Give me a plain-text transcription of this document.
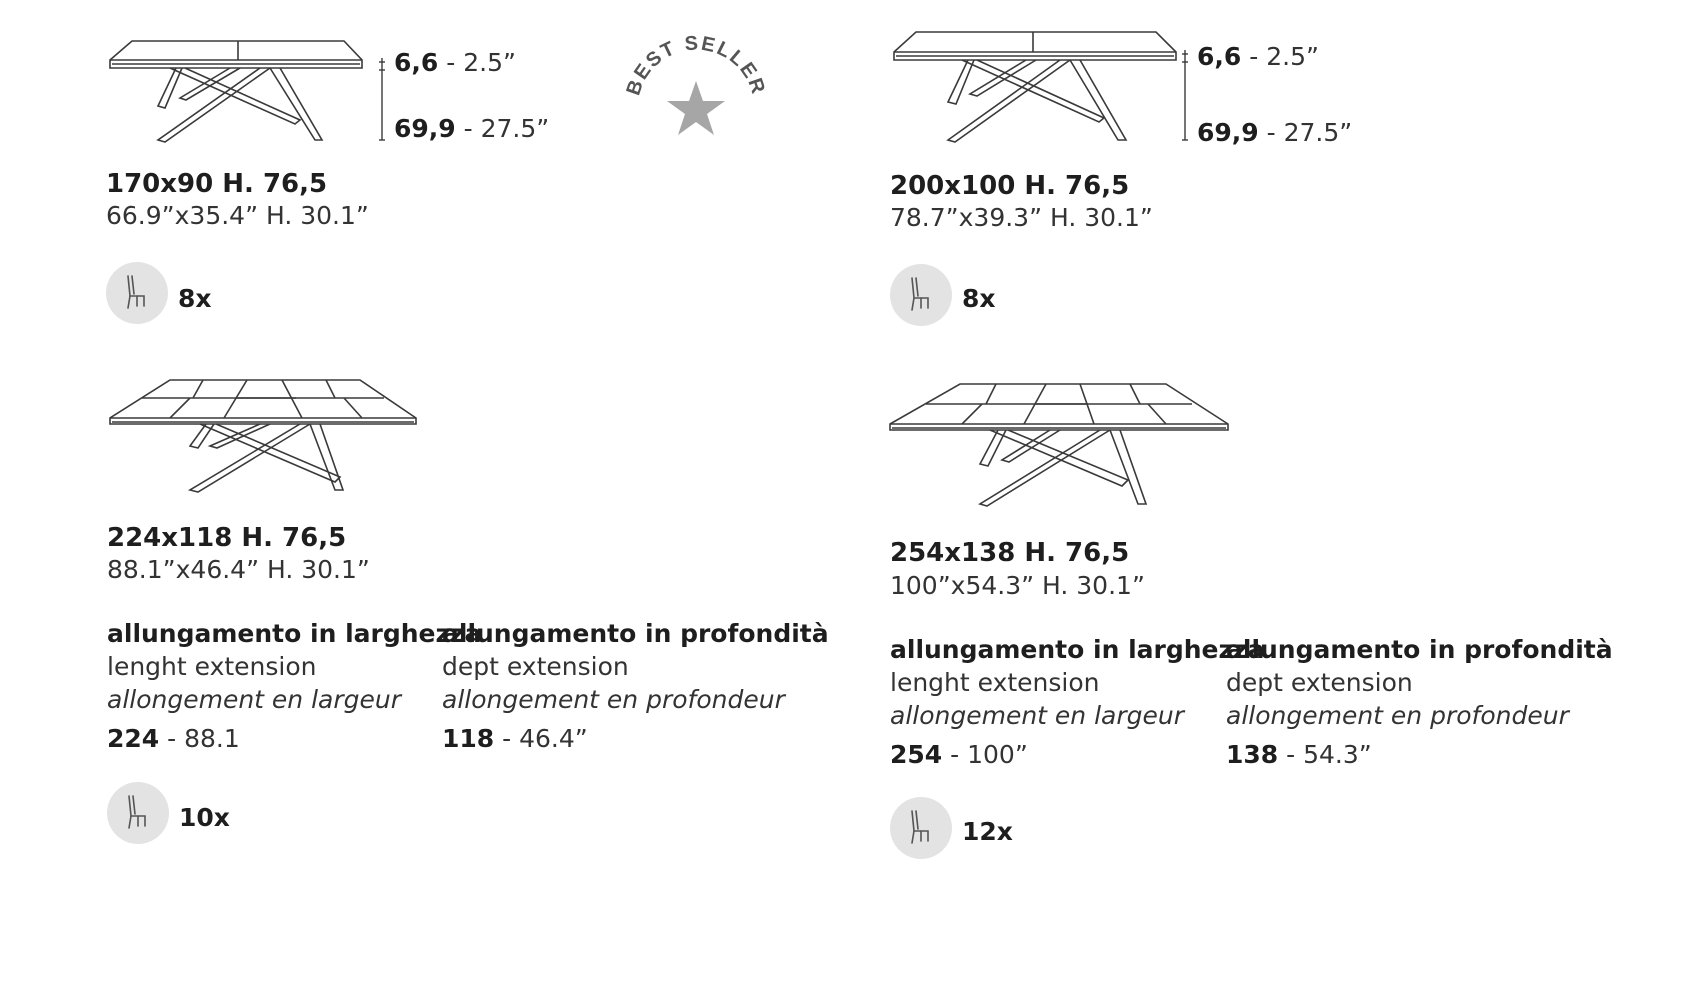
6,6 - 2.5”
69,9 - 27.5”
170x90 H. 76,5
66.9”x35.4” H. 30.1”
8x
BEST SELLER
6,6 - 2.5”
69,9 - 27.5”
200x100 H. 76,5
78.7”x39.3” H. 30.1”
8x
224x118 H. 76,5
88.1”x46.4” H. 30.1”
allungamento in larghezza
lenght extension
allongement en largeur
224 - 88.1
allungamento in profondità
dept extension
allongement en profondeur
118 - 46.4”
10x
254x138 H. 76,5
100”x54.3” H. 30.1”
allungamento in larghezza
lenght extension
allongement en largeur
254 - 100”
allungamento in profondità
dept extension
allongement en profondeur
138 - 54.3”
12x
